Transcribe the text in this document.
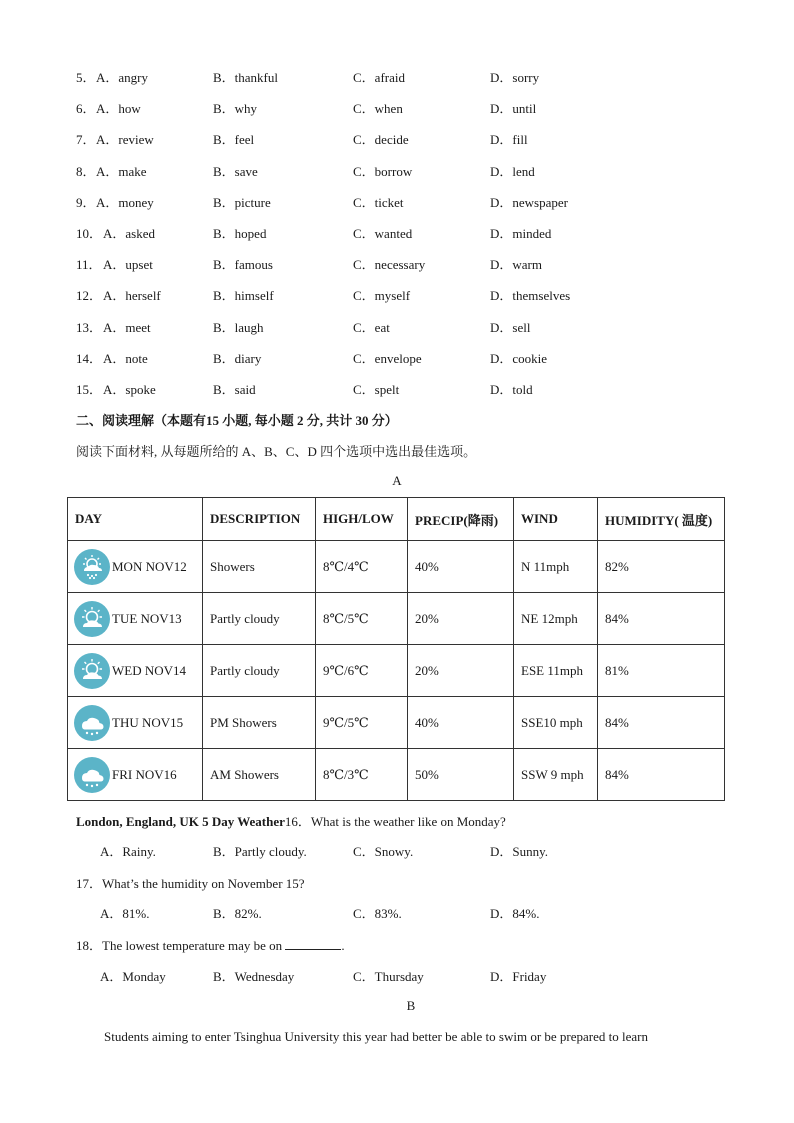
5． A．angry	B．thankful	C．afraid	D．sorry
6． A．how	B．why	C．when	D．until
7． A．review	B．feel	C．decide	D．fill
8． A．make	B．save	C．borrow	D．lend
9． A．money	B．picture	C．ticket	D．newspaper
10． A．asked	B．hoped	C．wanted	D．minded
11． A．upset	B．famous	C．necessary	D．warm
12． A．herself	B．himself	C．myself	D．themselves
13． A．meet	B．laugh	C．eat	D．sell
14． A．note	B．diary	C．envelope	D．cookie
15． A．spoke	B．said	C．spelt	D．told
二、阅读理解（本题有15 小题, 每小题 2 分, 共计 30 分）
阅读下面材料, 从每题所给的 A、B、C、D 四个选项中选出最佳选项。
A
DAY	DESCRIPTION	HIGH/LOW	PRECIP(降雨)	WIND	HUMIDITY( 温度)

MON NOV12	Showers	8℃/4℃	40%	N 11mph	82%

TUE NOV13	Partly cloudy	8℃/5℃	20%	NE 12mph	84%

WED NOV14	Partly cloudy	9℃/6℃	20%	ESE 11mph	81%

THU NOV15	PM Showers	9℃/5℃	40%	SSE10 mph	84%

FRI NOV16	AM Showers	8℃/3℃	50%	SSW 9 mph	84%
London, England, UK 5 Day Weather16．What is the weather like on Monday?
A．Rainy.	B．Partly cloudy.	C．Snowy.	D．Sunny.
17．What’s the humidity on November 15?
A．81%.	B．82%.	C．83%.	D．84%.
18．The lowest temperature may be on	.
A．Monday	B．Wednesday	C．Thursday	D．Friday
B
Students aiming to enter Tsinghua University this year had better be able to swim or be prepared to learn
